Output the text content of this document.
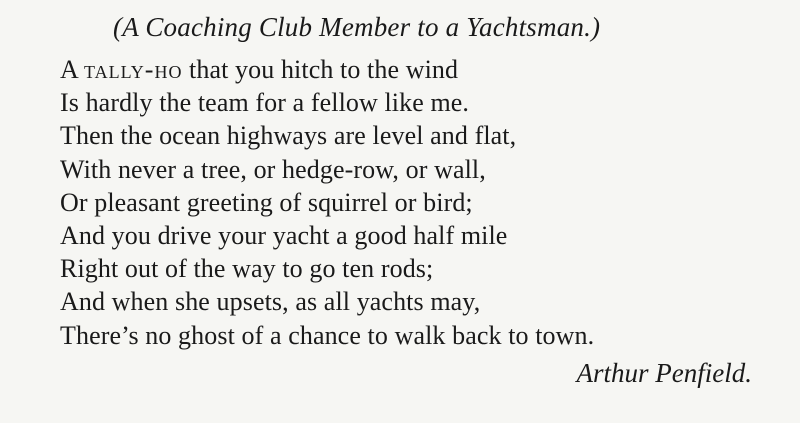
(A Coaching Club Member to a Yachtsman.)
A tally-ho that you hitch to the wind
Is hardly the team for a fellow like me.
Then the ocean highways are level and flat,
With never a tree, or hedge-row, or wall,
Or pleasant greeting of squirrel or bird;
And you drive your yacht a good half mile
Right out of the way to go ten rods;
And when she upsets, as all yachts may,
There’s no ghost of a chance to walk back to town.
Arthur Penfield.
